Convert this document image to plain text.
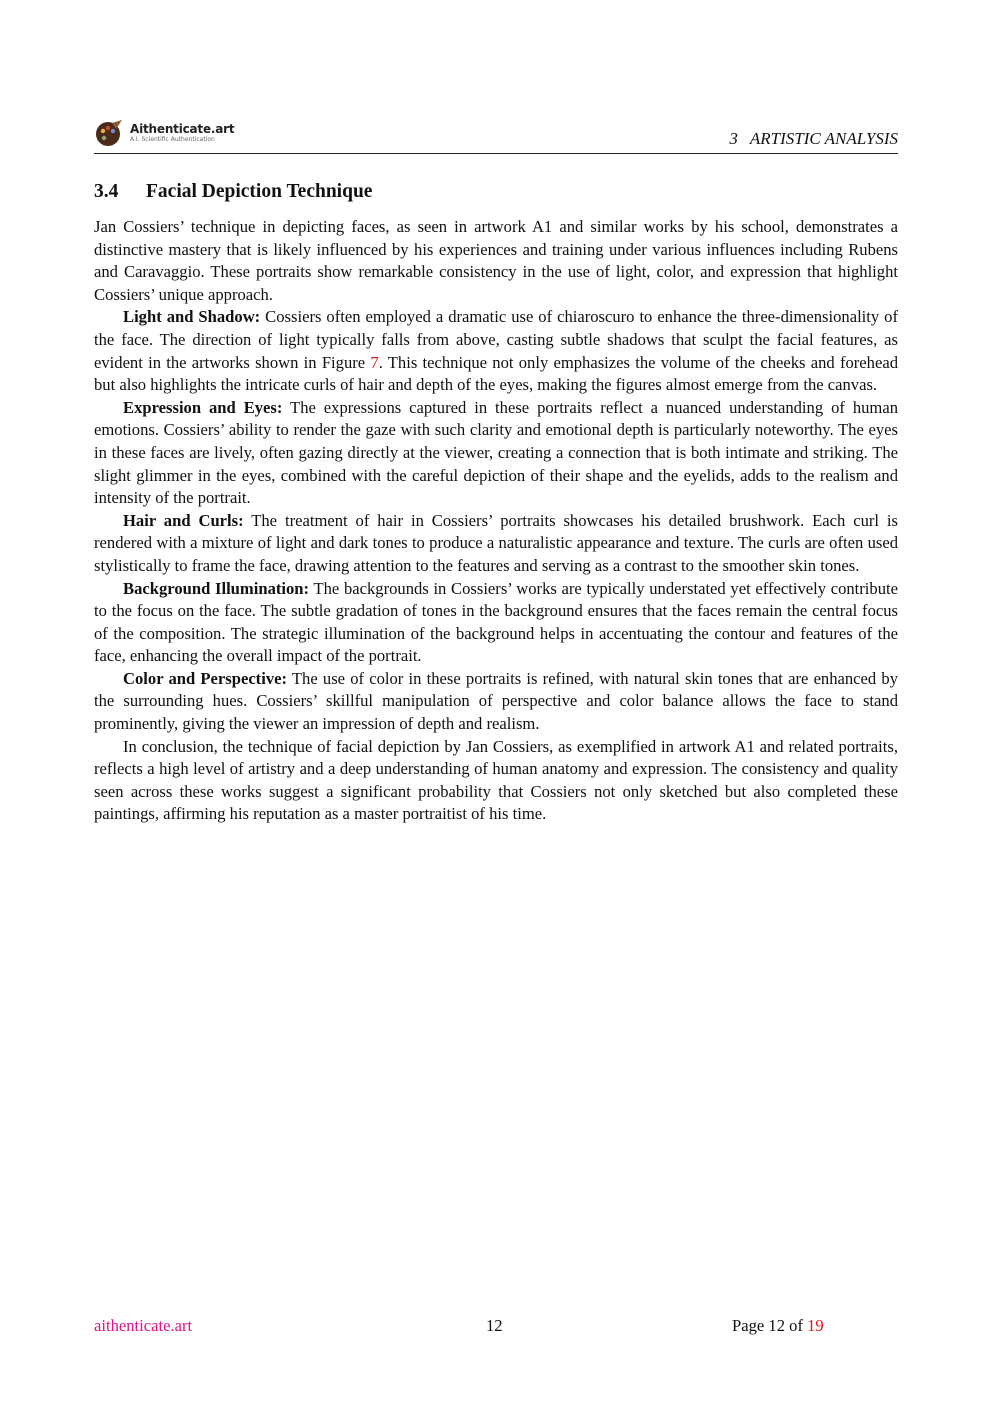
Aithenticate.art
A.I. Scientific Authentication	3 ARTISTIC ANALYSIS
3.4 Facial Depiction Technique

Jan Cossiers’ technique in depicting faces, as seen in artwork A1 and similar works by his school, demonstrates a distinctive mastery that is likely influenced by his experiences and training under various influences including Rubens and Caravaggio. These portraits show remarkable consistency in the use of light, color, and expression that highlight Cossiers’ unique approach.

Light and Shadow: Cossiers often employed a dramatic use of chiaroscuro to enhance the three-dimensionality of the face. The direction of light typically falls from above, casting subtle shadows that sculpt the facial features, as evident in the artworks shown in Figure 7. This technique not only emphasizes the volume of the cheeks and forehead but also highlights the intricate curls of hair and depth of the eyes, making the figures almost emerge from the canvas.

Expression and Eyes: The expressions captured in these portraits reflect a nuanced understanding of human emotions. Cossiers’ ability to render the gaze with such clarity and emotional depth is particularly noteworthy. The eyes in these faces are lively, often gazing directly at the viewer, creating a connection that is both intimate and striking. The slight glimmer in the eyes, combined with the careful depiction of their shape and the eyelids, adds to the realism and intensity of the portrait.

Hair and Curls: The treatment of hair in Cossiers’ portraits showcases his detailed brushwork. Each curl is rendered with a mixture of light and dark tones to produce a naturalistic appearance and texture. The curls are often used stylistically to frame the face, drawing attention to the features and serving as a contrast to the smoother skin tones.

Background Illumination: The backgrounds in Cossiers’ works are typically understated yet effectively contribute to the focus on the face. The subtle gradation of tones in the background ensures that the faces remain the central focus of the composition. The strategic illumination of the background helps in accentuating the contour and features of the face, enhancing the overall impact of the portrait.

Color and Perspective: The use of color in these portraits is refined, with natural skin tones that are enhanced by the surrounding hues. Cossiers’ skillful manipulation of perspective and color balance allows the face to stand prominently, giving the viewer an impression of depth and realism.

In conclusion, the technique of facial depiction by Jan Cossiers, as exemplified in artwork A1 and related portraits, reflects a high level of artistry and a deep understanding of human anatomy and expression. The consistency and quality seen across these works suggest a significant probability that Cossiers not only sketched but also completed these paintings, affirming his reputation as a master portraitist of his time.

aithenticate.art	12	Page 12 of 19
